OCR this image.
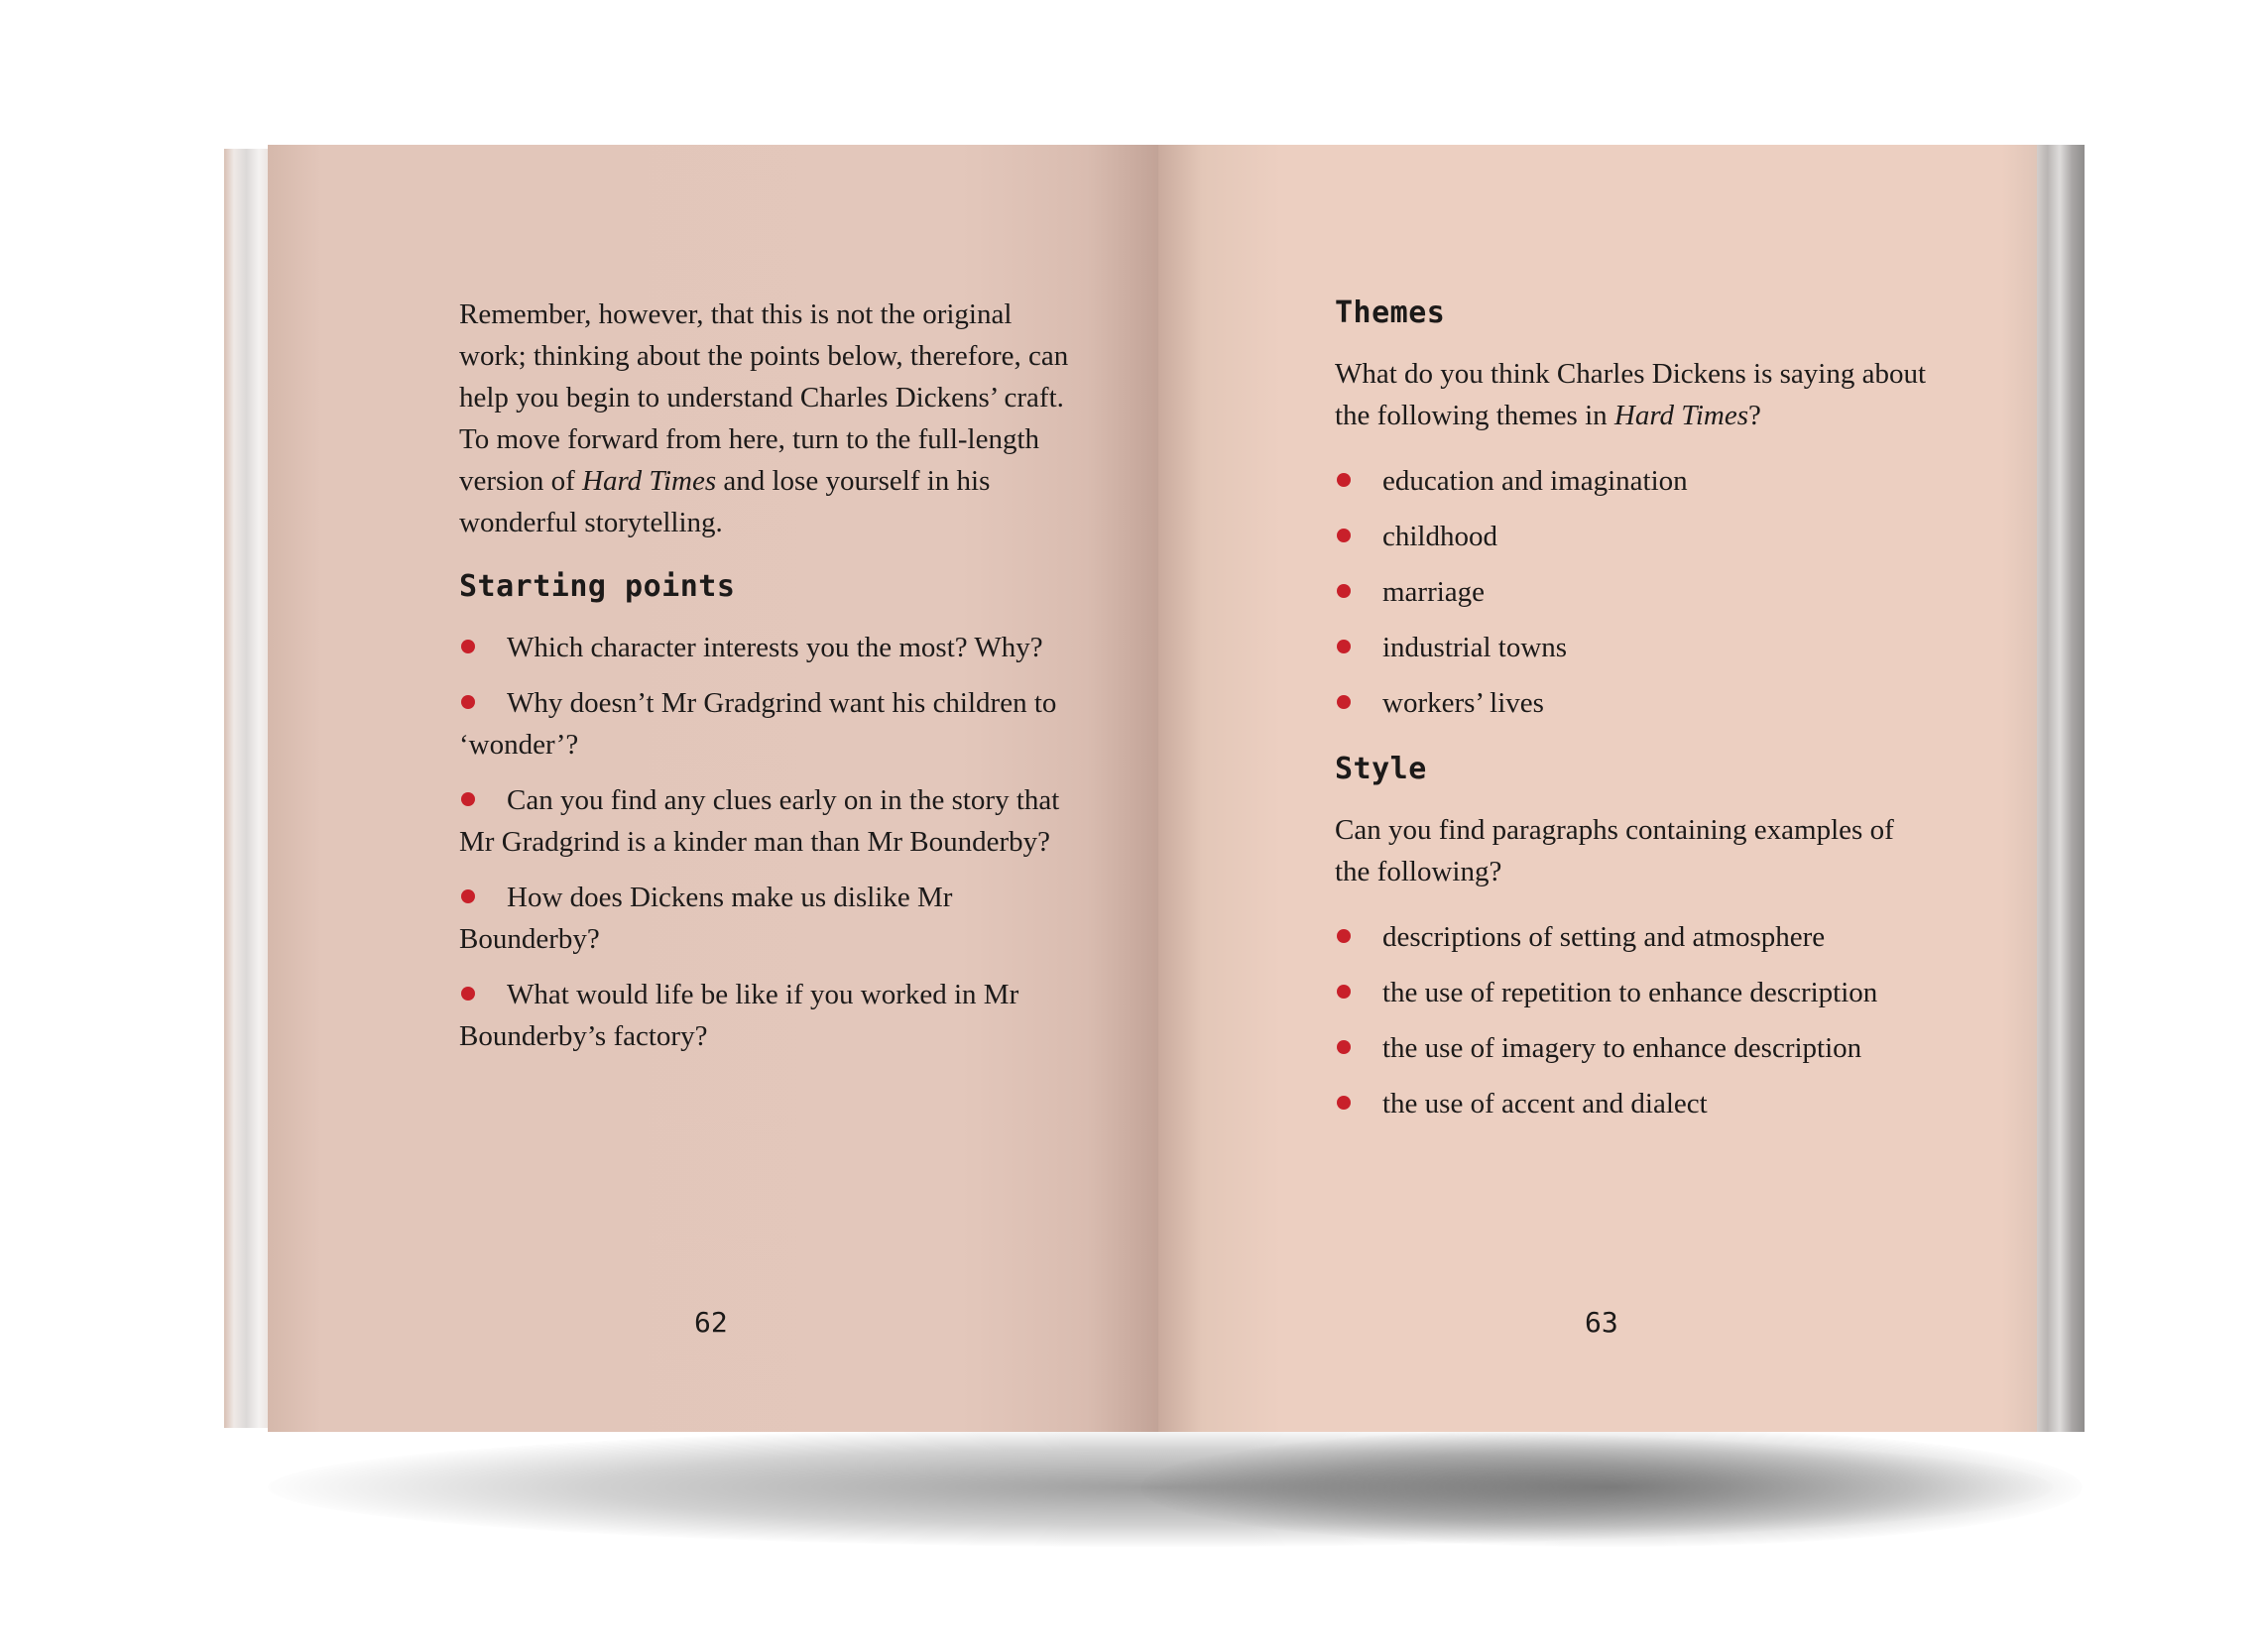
Remember, however, that this is not the original work; thinking about the points below, therefore, can help you begin to understand Charles Dickens’ craft. To move forward from here, turn to the full-length version of Hard Times and lose yourself in his wonderful storytelling.

Starting points
Which character interests you the most? Why?
Why doesn’t Mr Gradgrind want his children to ‘wonder’?
Can you find any clues early on in the story that Mr Gradgrind is a kinder man than Mr Bounderby?
How does Dickens make us dislike Mr Bounderby?
What would life be like if you worked in Mr Bounderby’s factory?
62
Themes

What do you think Charles Dickens is saying about the following themes in Hard Times?

education and imagination
childhood
marriage
industrial towns
workers’ lives
Style

Can you find paragraphs containing examples of the following?

descriptions of setting and atmosphere
the use of repetition to enhance description
the use of imagery to enhance description
the use of accent and dialect
63
